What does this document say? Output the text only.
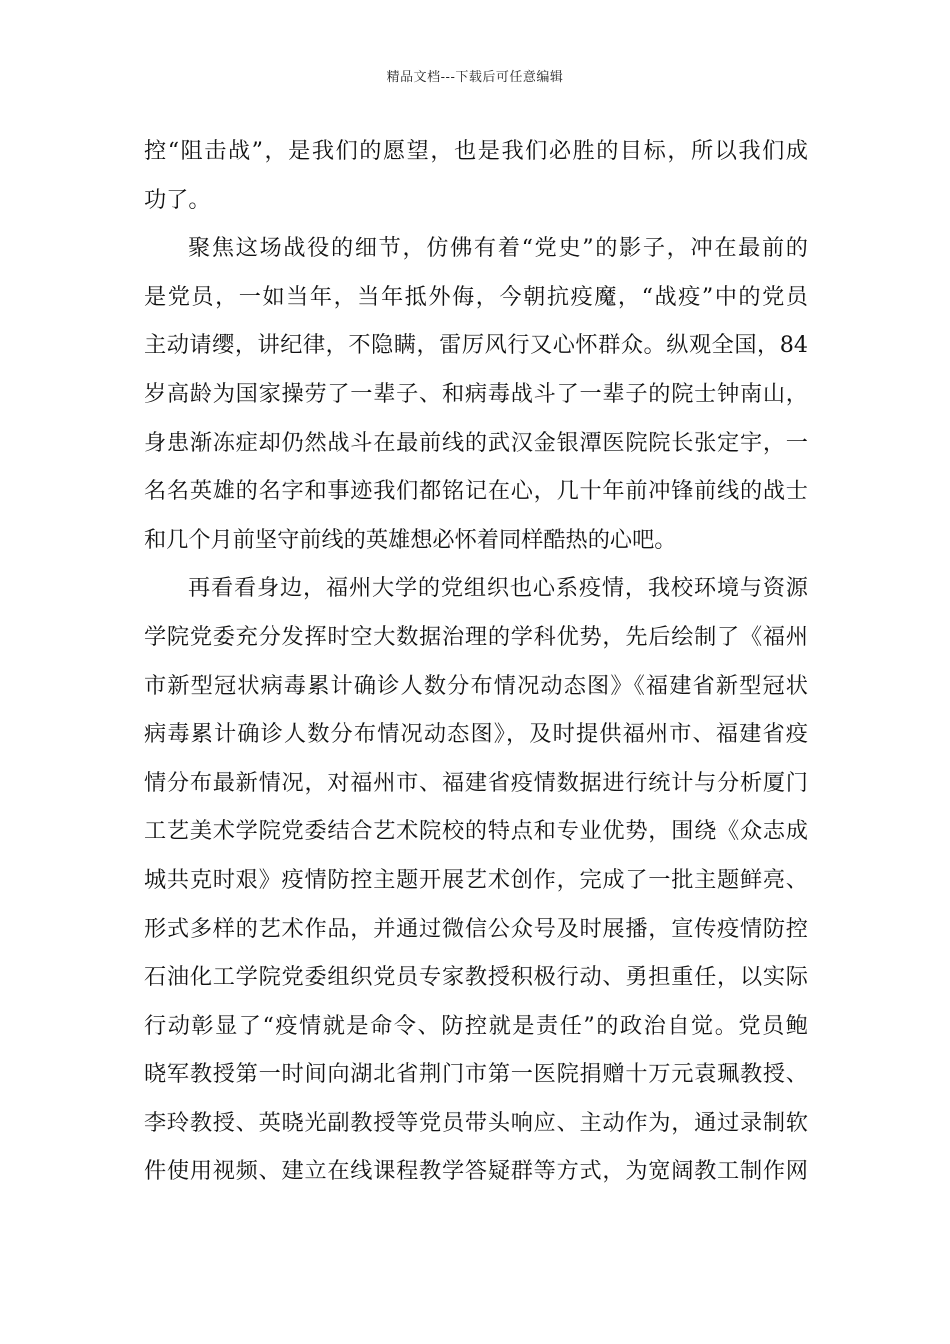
精品文档---下载后可任意编辑
控“阻击战”，是我们的愿望，也是我们必胜的目标，所以我们成
功了。
聚焦这场战役的细节，仿佛有着“党史”的影子，冲在最前的
是党员，一如当年，当年抵外侮，今朝抗疫魔，“战疫”中的党员
主动请缨，讲纪律，不隐瞒，雷厉风行又心怀群众。纵观全国，84
岁高龄为国家操劳了一辈子、和病毒战斗了一辈子的院士钟南山，
身患渐冻症却仍然战斗在最前线的武汉金银潭医院院长张定宇，一
名名英雄的名字和事迹我们都铭记在心，几十年前冲锋前线的战士
和几个月前坚守前线的英雄想必怀着同样酷热的心吧。
再看看身边，福州大学的党组织也心系疫情，我校环境与资源
学院党委充分发挥时空大数据治理的学科优势，先后绘制了《福州
市新型冠状病毒累计确诊人数分布情况动态图》《福建省新型冠状
病毒累计确诊人数分布情况动态图》，及时提供福州市、福建省疫
情分布最新情况，对福州市、福建省疫情数据进行统计与分析厦门
工艺美术学院党委结合艺术院校的特点和专业优势，围绕《众志成
城共克时艰》疫情防控主题开展艺术创作，完成了一批主题鲜亮、
形式多样的艺术作品，并通过微信公众号及时展播，宣传疫情防控
石油化工学院党委组织党员专家教授积极行动、勇担重任，以实际
行动彰显了“疫情就是命令、防控就是责任”的政治自觉。党员鲍
晓军教授第一时间向湖北省荆门市第一医院捐赠十万元袁珮教授、
李玲教授、英晓光副教授等党员带头响应、主动作为，通过录制软
件使用视频、建立在线课程教学答疑群等方式，为宽阔教工制作网
